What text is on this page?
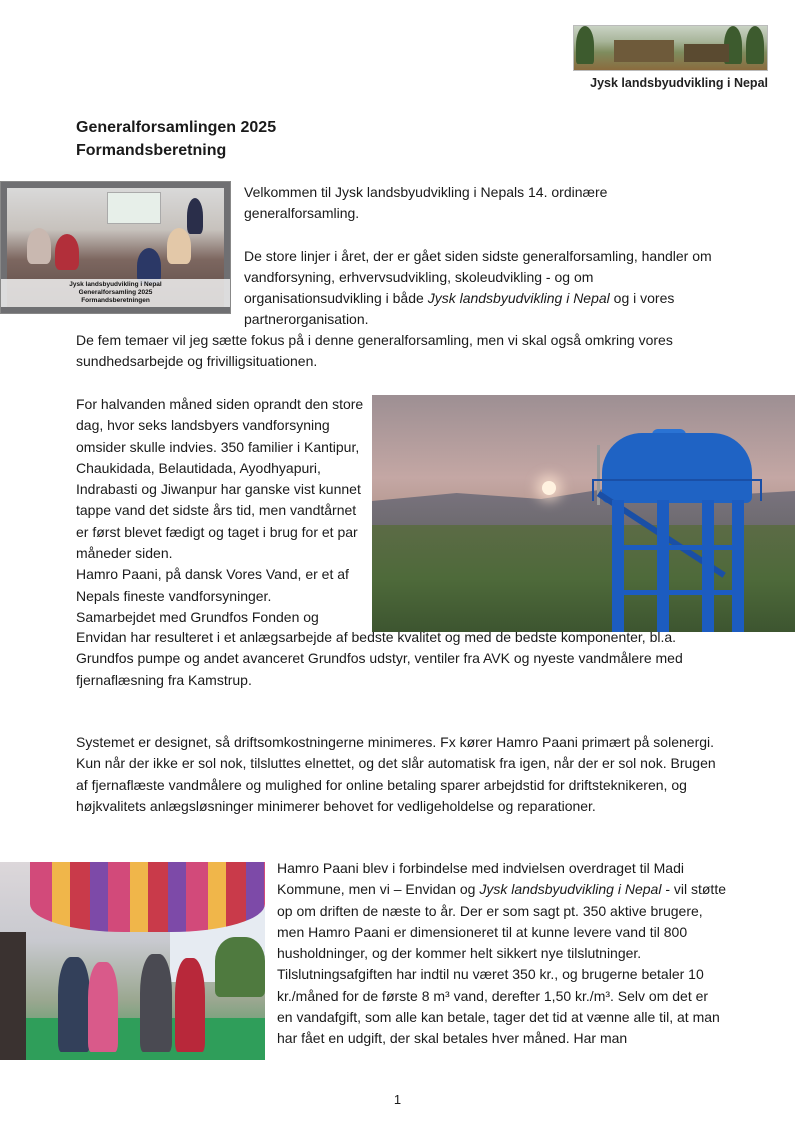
Jysk landsbyudvikling i Nepal
Generalforsamlingen 2025
Formandsberetning
Jysk landsbyudvikling i Nepal
Generalforsamling 2025
Formandsberetningen

Velkommen til Jysk landsbyudvikling i Nepals 14. ordinære generalforsamling.

De store linjer i året, der er gået siden sidste generalforsamling, handler om vandforsyning, erhvervsudvikling, skoleudvikling - og om organisationsudvikling i både Jysk landsbyudvikling i Nepal og i vores partnerorganisation.

De fem temaer vil jeg sætte fokus på i denne generalforsamling, men vi skal også omkring vores sundhedsarbejde og frivilligsituationen.

For halvanden måned siden oprandt den store dag, hvor seks landsbyers vandforsyning omsider skulle indvies. 350 familier i Kantipur, Chaukidada, Belautidada, Ayodhyapuri, Indrabasti og Jiwanpur har ganske vist kunnet tappe vand det sidste års tid, men vandtårnet er først blevet fædigt og taget i brug for et par måneder siden.

Hamro Paani, på dansk Vores Vand, er et af Nepals fineste vandforsyninger.

Samarbejdet med Grundfos Fonden og

Envidan har resulteret i et anlægsarbejde af bedste kvalitet og med de bedste komponenter, bl.a. Grundfos pumpe og andet avanceret Grundfos udstyr, ventiler fra AVK og nyeste vandmålere med fjernaflæsning fra Kamstrup.

Systemet er designet, så driftsomkostningerne minimeres. Fx kører Hamro Paani primært på solenergi. Kun når der ikke er sol nok, tilsluttes elnettet, og det slår automatisk fra igen, når der er sol nok. Brugen af fjernaflæste vandmålere og mulighed for online betaling sparer arbejdstid for driftsteknikeren, og højkvalitets anlægsløsninger minimerer behovet for vedligeholdelse og reparationer.

Hamro Paani blev i forbindelse med indvielsen overdraget til Madi Kommune, men vi – Envidan og Jysk landsbyudvikling i Nepal - vil støtte op om driften de næste to år. Der er som sagt pt. 350 aktive brugere, men Hamro Paani er dimensioneret til at kunne levere vand til 800 husholdninger, og der kommer helt sikkert nye tilslutninger.

Tilslutningsafgiften har indtil nu været 350 kr., og brugerne betaler 10 kr./måned for de første 8 m³ vand, derefter 1,50 kr./m³. Selv om det er en vandafgift, som alle kan betale, tager det tid at vænne alle til, at man har fået en udgift, der skal betales hver måned. Har man

1
